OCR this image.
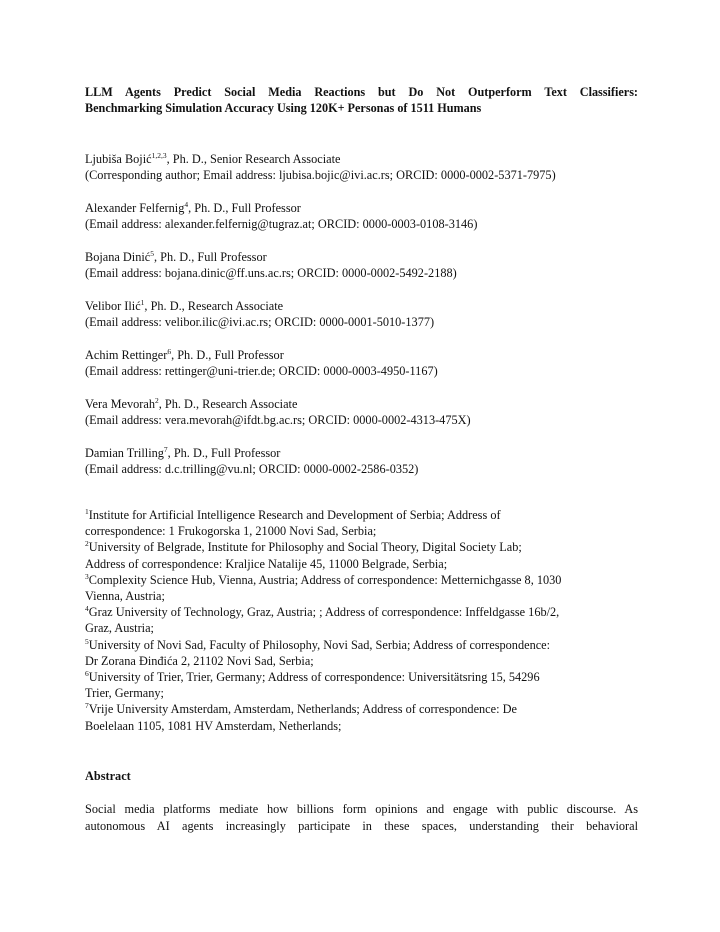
LLM Agents Predict Social Media Reactions but Do Not Outperform Text Classifiers:
Benchmarking Simulation Accuracy Using 120K+ Personas of 1511 Humans
Ljubiša Bojić$^{1,2,3}$, Ph. D., Senior Research Associate
(Corresponding author; Email address: ljubisa.bojic@ivi.ac.rs; ORCID: 0000-0002-5371-7975)
Alexander Felfernig$^4$, Ph. D., Full Professor
(Email address: alexander.felfernig@tugraz.at; ORCID: 0000-0003-0108-3146)
Bojana Dinić$^5$, Ph. D., Full Professor
(Email address: bojana.dinic@ff.uns.ac.rs; ORCID: 0000-0002-5492-2188)
Velibor Ilić$^1$, Ph. D., Research Associate
(Email address: velibor.ilic@ivi.ac.rs; ORCID: 0000-0001-5010-1377)
Achim Rettinger$^6$, Ph. D., Full Professor
(Email address: rettinger@uni-trier.de; ORCID: 0000-0003-4950-1167)
Vera Mevorah$^2$, Ph. D., Research Associate
(Email address: vera.mevorah@ifdt.bg.ac.rs; ORCID: 0000-0002-4313-475X)
Damian Trilling$^7$, Ph. D., Full Professor
(Email address: d.c.trilling@vu.nl; ORCID: 0000-0002-2586-0352)
$^1$Institute for Artificial Intelligence Research and Development of Serbia; Address of
correspondence: 1 Frukogorska 1, 21000 Novi Sad, Serbia;
$^2$University of Belgrade, Institute for Philosophy and Social Theory, Digital Society Lab;
Address of correspondence: Kraljice Natalije 45, 11000 Belgrade, Serbia;
$^3$Complexity Science Hub, Vienna, Austria; Address of correspondence: Metternichgasse 8, 1030
Vienna, Austria;
$^4$Graz University of Technology, Graz, Austria; ; Address of correspondence: Inffeldgasse 16b/2,
Graz, Austria;
$^5$University of Novi Sad, Faculty of Philosophy, Novi Sad, Serbia; Address of correspondence:
Dr Zorana Đinđića 2, 21102 Novi Sad, Serbia;
$^6$University of Trier, Trier, Germany; Address of correspondence: Universitätsring 15, 54296
Trier, Germany;
$^7$Vrije University Amsterdam, Amsterdam, Netherlands; Address of correspondence: De
Boelelaan 1105, 1081 HV Amsterdam, Netherlands;
Abstract
Social media platforms mediate how billions form opinions and engage with public discourse. As
autonomous AI agents increasingly participate in these spaces, understanding their behavioral
